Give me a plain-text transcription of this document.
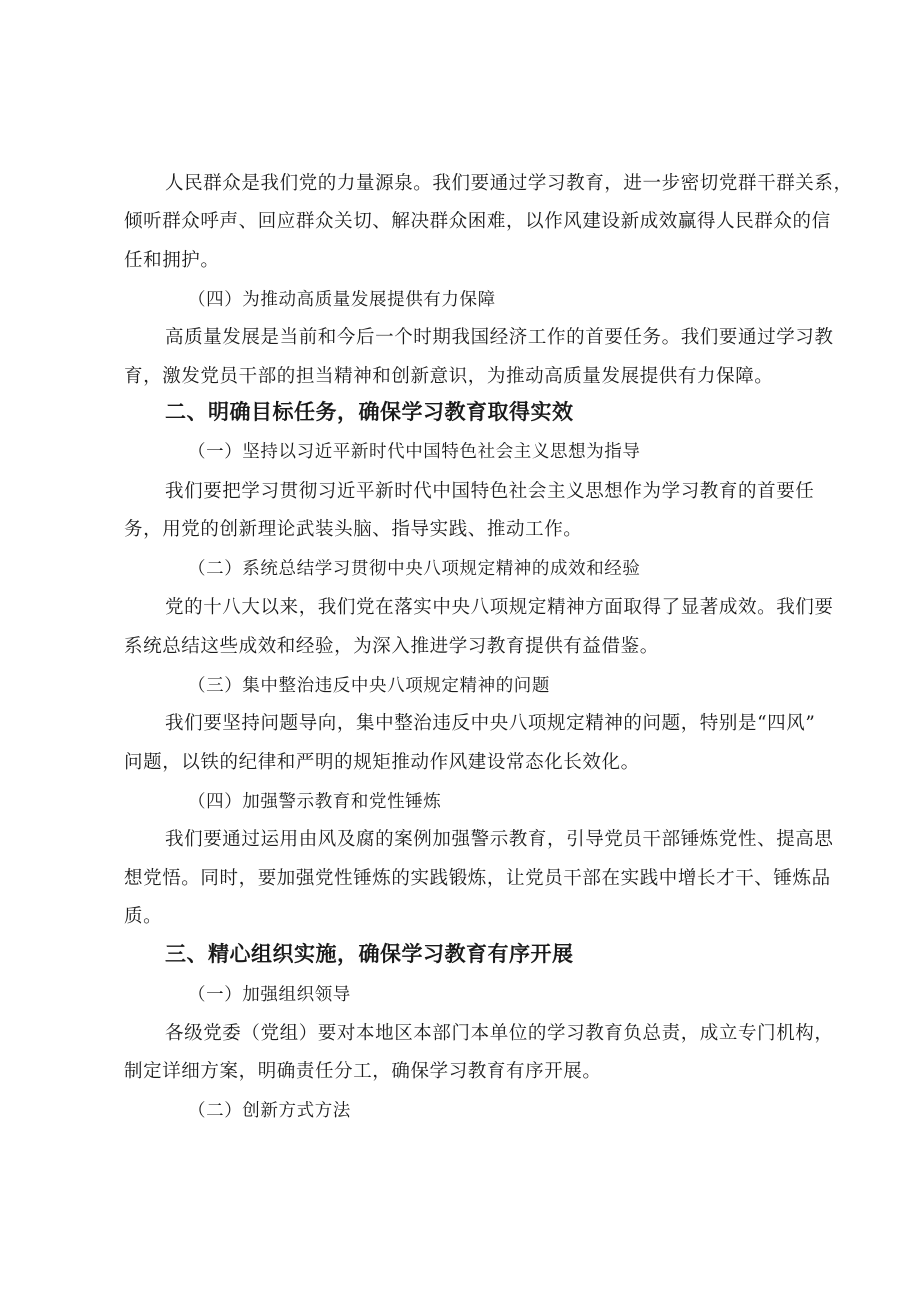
人民群众是我们党的力量源泉。我们要通过学习教育，进一步密切党群干群关系，
倾听群众呼声、回应群众关切、解决群众困难，以作风建设新成效赢得人民群众的信
任和拥护。
（四）为推动高质量发展提供有力保障
高质量发展是当前和今后一个时期我国经济工作的首要任务。我们要通过学习教
育，激发党员干部的担当精神和创新意识，为推动高质量发展提供有力保障。
二、明确目标任务，确保学习教育取得实效
（一）坚持以习近平新时代中国特色社会主义思想为指导
我们要把学习贯彻习近平新时代中国特色社会主义思想作为学习教育的首要任
务，用党的创新理论武装头脑、指导实践、推动工作。
（二）系统总结学习贯彻中央八项规定精神的成效和经验
党的十八大以来，我们党在落实中央八项规定精神方面取得了显著成效。我们要
系统总结这些成效和经验，为深入推进学习教育提供有益借鉴。
（三）集中整治违反中央八项规定精神的问题
我们要坚持问题导向，集中整治违反中央八项规定精神的问题，特别是“四风”
问题，以铁的纪律和严明的规矩推动作风建设常态化长效化。
（四）加强警示教育和党性锤炼
我们要通过运用由风及腐的案例加强警示教育，引导党员干部锤炼党性、提高思
想党悟。同时，要加强党性锤炼的实践锻炼，让党员干部在实践中增长才干、锤炼品
质。
三、精心组织实施，确保学习教育有序开展
（一）加强组织领导
各级党委（党组）要对本地区本部门本单位的学习教育负总责，成立专门机构，
制定详细方案，明确责任分工，确保学习教育有序开展。
（二）创新方式方法
